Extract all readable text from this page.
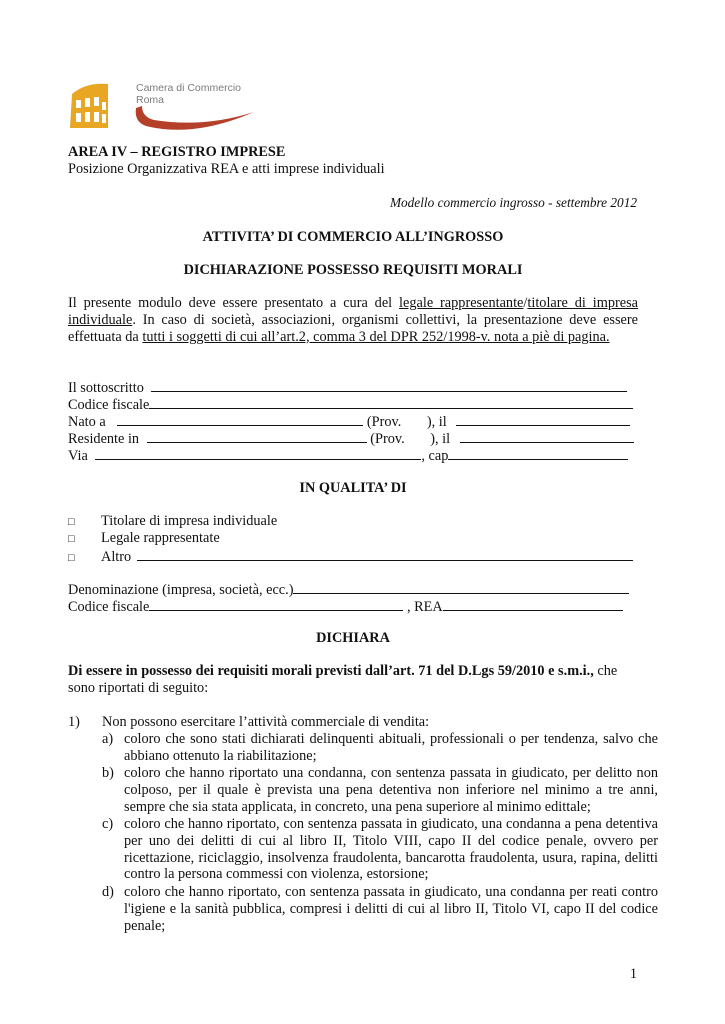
Camera di Commercio
Roma
AREA IV – REGISTRO IMPRESE
Posizione Organizzativa REA e atti imprese individuali
Modello commercio ingrosso - settembre 2012
ATTIVITA’ DI COMMERCIO ALL’INGROSSO
DICHIARAZIONE POSSESSO REQUISITI MORALI
Il presente modulo deve essere presentato a cura del legale rappresentante/titolare di impresa individuale. In caso di società, associazioni, organismi collettivi, la presentazione deve essere effettuata da tutti i soggetti di cui all’art.2, comma 3 del DPR 252/1998-v. nota a piè di pagina.
Il sottoscritto
Codice fiscale
Nato a	(Prov. ), il
Residente in	(Prov. ), il
Via	, cap
IN QUALITA’ DI
□ Titolare di impresa individuale
□ Legale rappresentate
□ Altro
Denominazione (impresa, società, ecc.)
Codice fiscale	, REA
DICHIARA
Di essere in possesso dei requisiti morali previsti dall’art. 71 del D.Lgs 59/2010 e s.m.i., che sono riportati di seguito:
1) Non possono esercitare l’attività commerciale di vendita:
a) coloro che sono stati dichiarati delinquenti abituali, professionali o per tendenza, salvo che abbiano ottenuto la riabilitazione;
b) coloro che hanno riportato una condanna, con sentenza passata in giudicato, per delitto non colposo, per il quale è prevista una pena detentiva non inferiore nel minimo a tre anni, sempre che sia stata applicata, in concreto, una pena superiore al minimo edittale;
c) coloro che hanno riportato, con sentenza passata in giudicato, una condanna a pena detentiva per uno dei delitti di cui al libro II, Titolo VIII, capo II del codice penale, ovvero per ricettazione, riciclaggio, insolvenza fraudolenta, bancarotta fraudolenta, usura, rapina, delitti contro la persona commessi con violenza, estorsione;
d) coloro che hanno riportato, con sentenza passata in giudicato, una condanna per reati contro l'igiene e la sanità pubblica, compresi i delitti di cui al libro II, Titolo VI, capo II del codice penale;
1
